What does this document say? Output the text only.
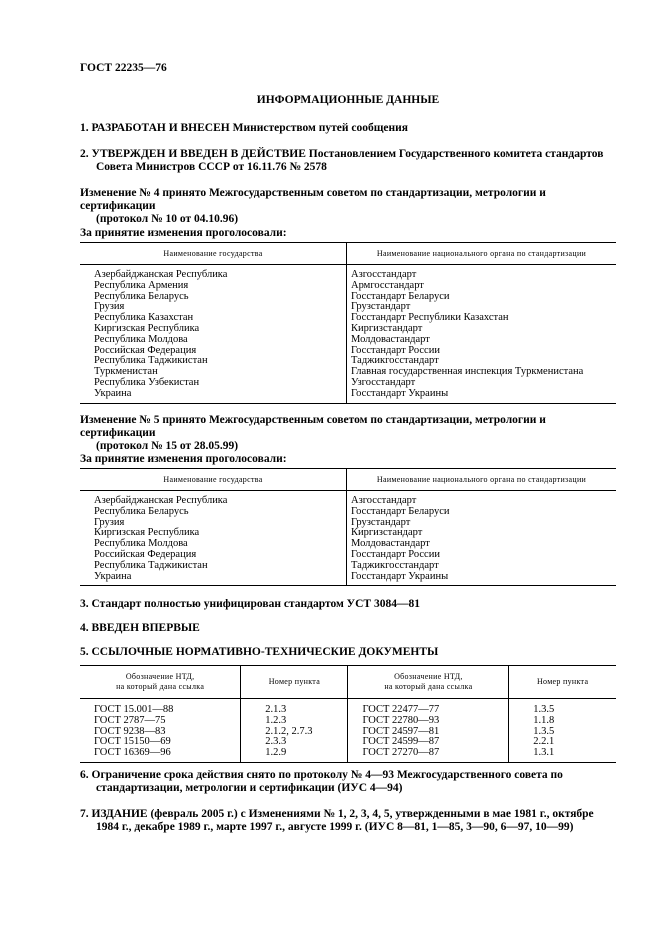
ГОСТ 22235—76
ИНФОРМАЦИОННЫЕ ДАННЫЕ
1. РАЗРАБОТАН И ВНЕСЕН Министерством путей сообщения
2. УТВЕРЖДЕН И ВВЕДЕН В ДЕЙСТВИЕ Постановлением Государственного комитета стандартов
Совета Министров СССР от 16.11.76 № 2578
Изменение № 4 принято Межгосударственным советом по стандартизации, метрологии и сертификации
(протокол № 10 от 04.10.96)
За принятие изменения проголосовали:
Наименование государства	Наименование национального органа по стандартизации
Азербайджанская Республика	Азгосстандарт
Республика Армения	Армгосстандарт
Республика Беларусь	Госстандарт Беларуси
Грузия	Грузстандарт
Республика Казахстан	Госстандарт Республики Казахстан
Киргизская Республика	Киргизстандарт
Республика Молдова	Молдовастандарт
Российская Федерация	Госстандарт России
Республика Таджикистан	Таджикгосстандарт
Туркменистан	Главная государственная инспекция Туркменистана
Республика Узбекистан	Узгосстандарт
Украина	Госстандарт Украины
Изменение № 5 принято Межгосударственным советом по стандартизации, метрологии и сертификации
(протокол № 15 от 28.05.99)
За принятие изменения проголосовали:
Наименование государства	Наименование национального органа по стандартизации
Азербайджанская Республика	Азгосстандарт
Республика Беларусь	Госстандарт Беларуси
Грузия	Грузстандарт
Киргизская Республика	Киргизстандарт
Республика Молдова	Молдовастандарт
Российская Федерация	Госстандарт России
Республика Таджикистан	Таджикгосстандарт
Украина	Госстандарт Украины
3. Стандарт полностью унифицирован стандартом УСТ 3084—81
4. ВВЕДЕН ВПЕРВЫЕ
5. ССЫЛОЧНЫЕ НОРМАТИВНО-ТЕХНИЧЕСКИЕ ДОКУМЕНТЫ
Обозначение НТД,
на который дана ссылка	Номер пункта	Обозначение НТД,
на который дана ссылка	Номер пункта
ГОСТ 15.001—88	2.1.3	ГОСТ 22477—77	1.3.5
ГОСТ 2787—75	1.2.3	ГОСТ 22780—93	1.1.8
ГОСТ 9238—83	2.1.2, 2.7.3	ГОСТ 24597—81	1.3.5
ГОСТ 15150—69	2.3.3	ГОСТ 24599—87	2.2.1
ГОСТ 16369—96	1.2.9	ГОСТ 27270—87	1.3.1
6. Ограничение срока действия снято по протоколу № 4—93 Межгосударственного совета по стандартизации, метрологии и сертификации (ИУС 4—94)
7. ИЗДАНИЕ (февраль 2005 г.) с Изменениями № 1, 2, 3, 4, 5, утвержденными в мае 1981 г., октябре 1984 г., декабре 1989 г., марте 1997 г., августе 1999 г. (ИУС 8—81, 1—85, 3—90, 6—97, 10—99)
